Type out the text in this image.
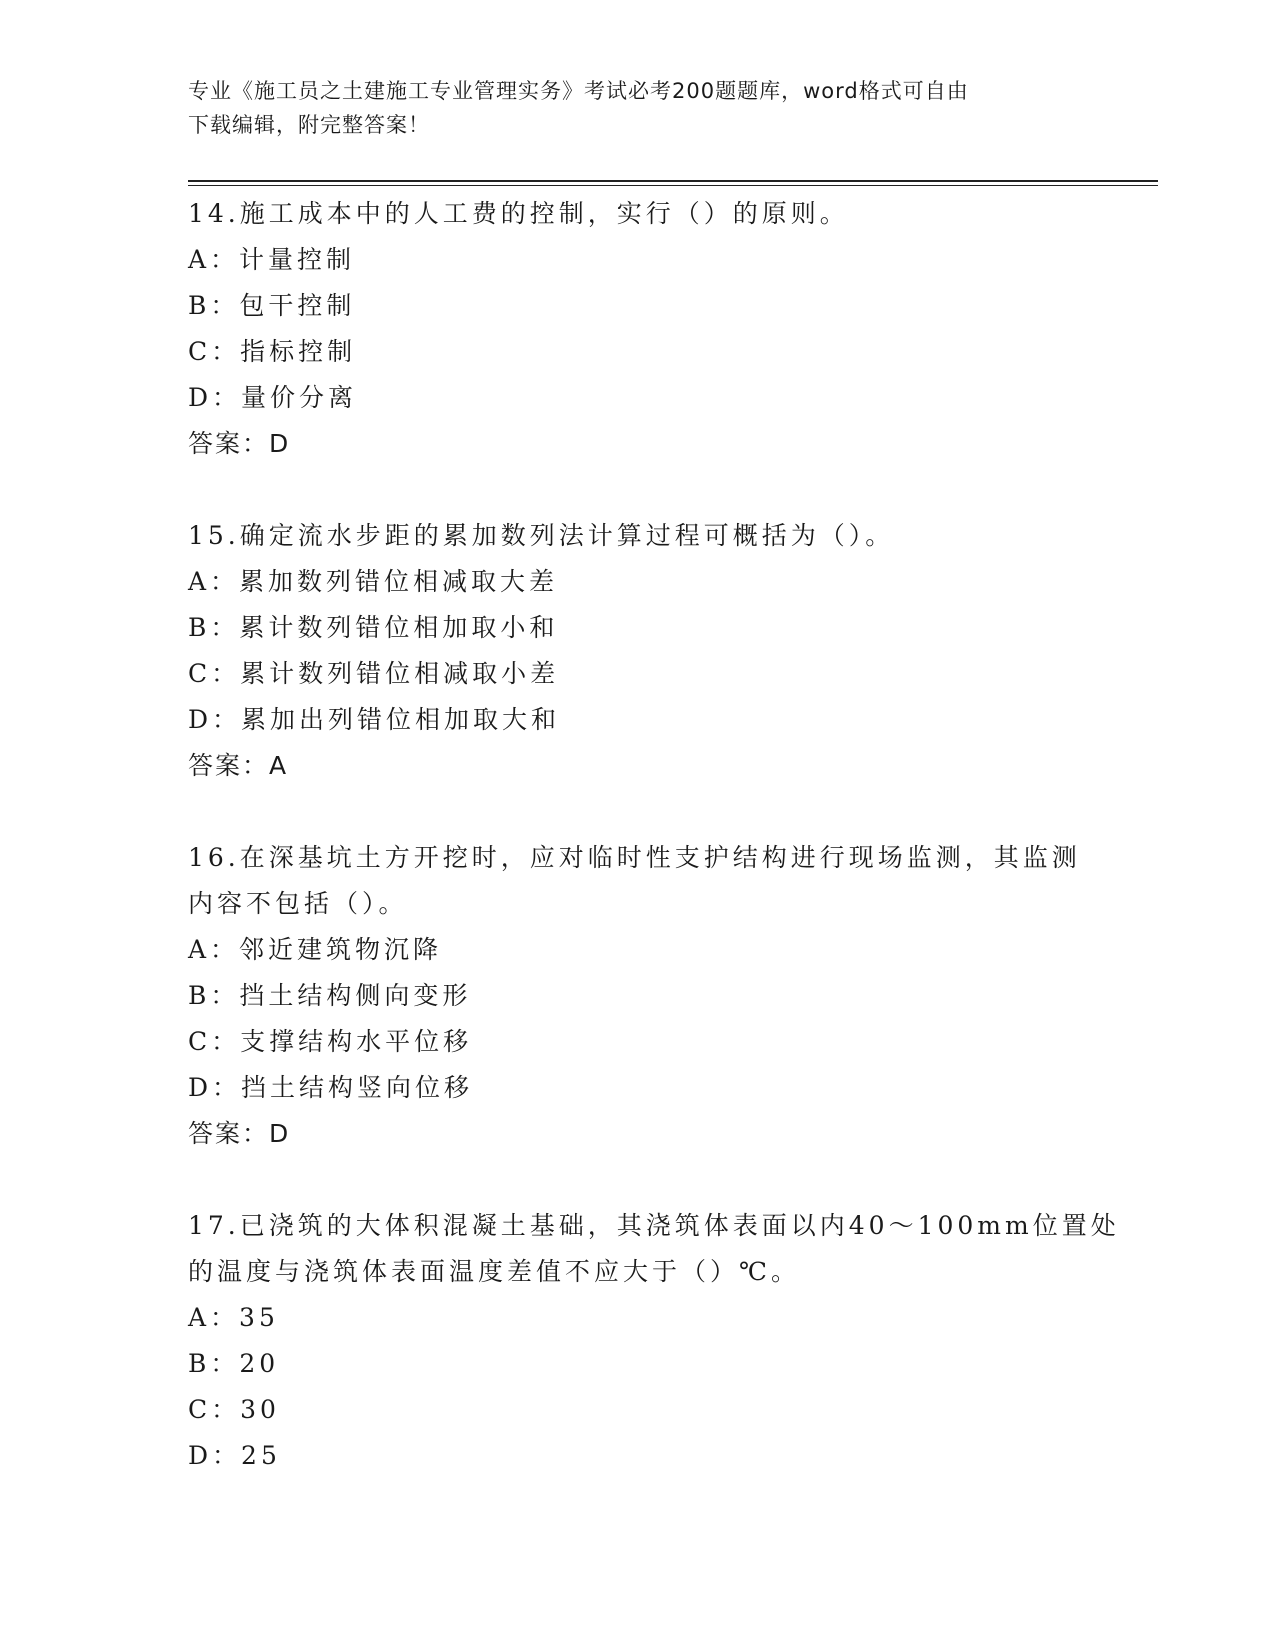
专业《施工员之土建施工专业管理实务》考试必考200题题库，word格式可自由
下载编辑，附完整答案！
14.施工成本中的人工费的控制，实行（）的原则。
A：计量控制
B：包干控制
C：指标控制
D：量价分离
答案：D
15.确定流水步距的累加数列法计算过程可概括为（）。
A：累加数列错位相减取大差
B：累计数列错位相加取小和
C：累计数列错位相减取小差
D：累加出列错位相加取大和
答案：A
16.在深基坑土方开挖时，应对临时性支护结构进行现场监测，其监测
内容不包括（）。
A：邻近建筑物沉降
B：挡土结构侧向变形
C：支撑结构水平位移
D：挡土结构竖向位移
答案：D
17.已浇筑的大体积混凝土基础，其浇筑体表面以内40～100mm位置处
的温度与浇筑体表面温度差值不应大于（）℃。
A：35
B：20
C：30
D：25
